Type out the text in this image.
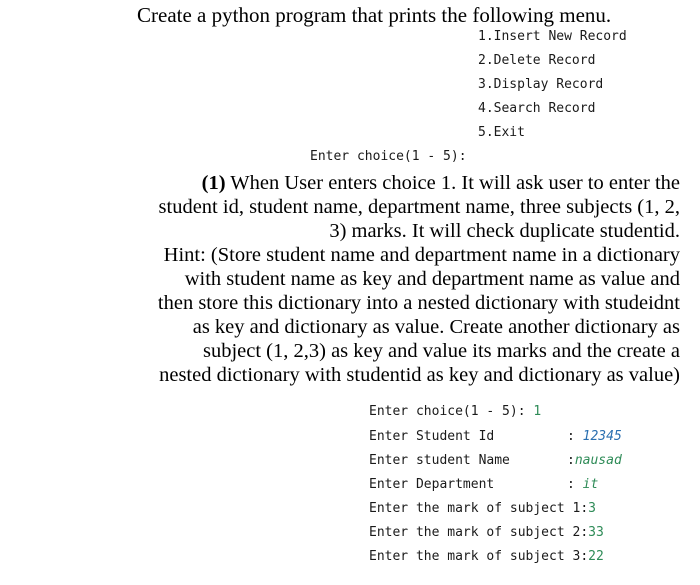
Create a python program that prints the following menu.
1.Insert New Record
2.Delete Record
3.Display Record
4.Search Record
5.Exit
Enter choice(1 - 5):
(1) When User enters choice 1. It will ask user to enter the
student id, student name, department name, three subjects (1, 2,
3) marks. It will check duplicate studentid.
Hint: (Store student name and department name in a dictionary
with student name as key and department name as value and
then store this dictionary into a nested dictionary with studeidnt
as key and dictionary as value. Create another dictionary as
subject (1, 2,3) as key and value its marks and the create a
nested dictionary with studentid as key and dictionary as value)
Enter choice(1 - 5): 1
Enter Student Id	: 12345
Enter student Name	:nausad
Enter Department	: it
Enter the mark of subject 1:3
Enter the mark of subject 2:33
Enter the mark of subject 3:22
